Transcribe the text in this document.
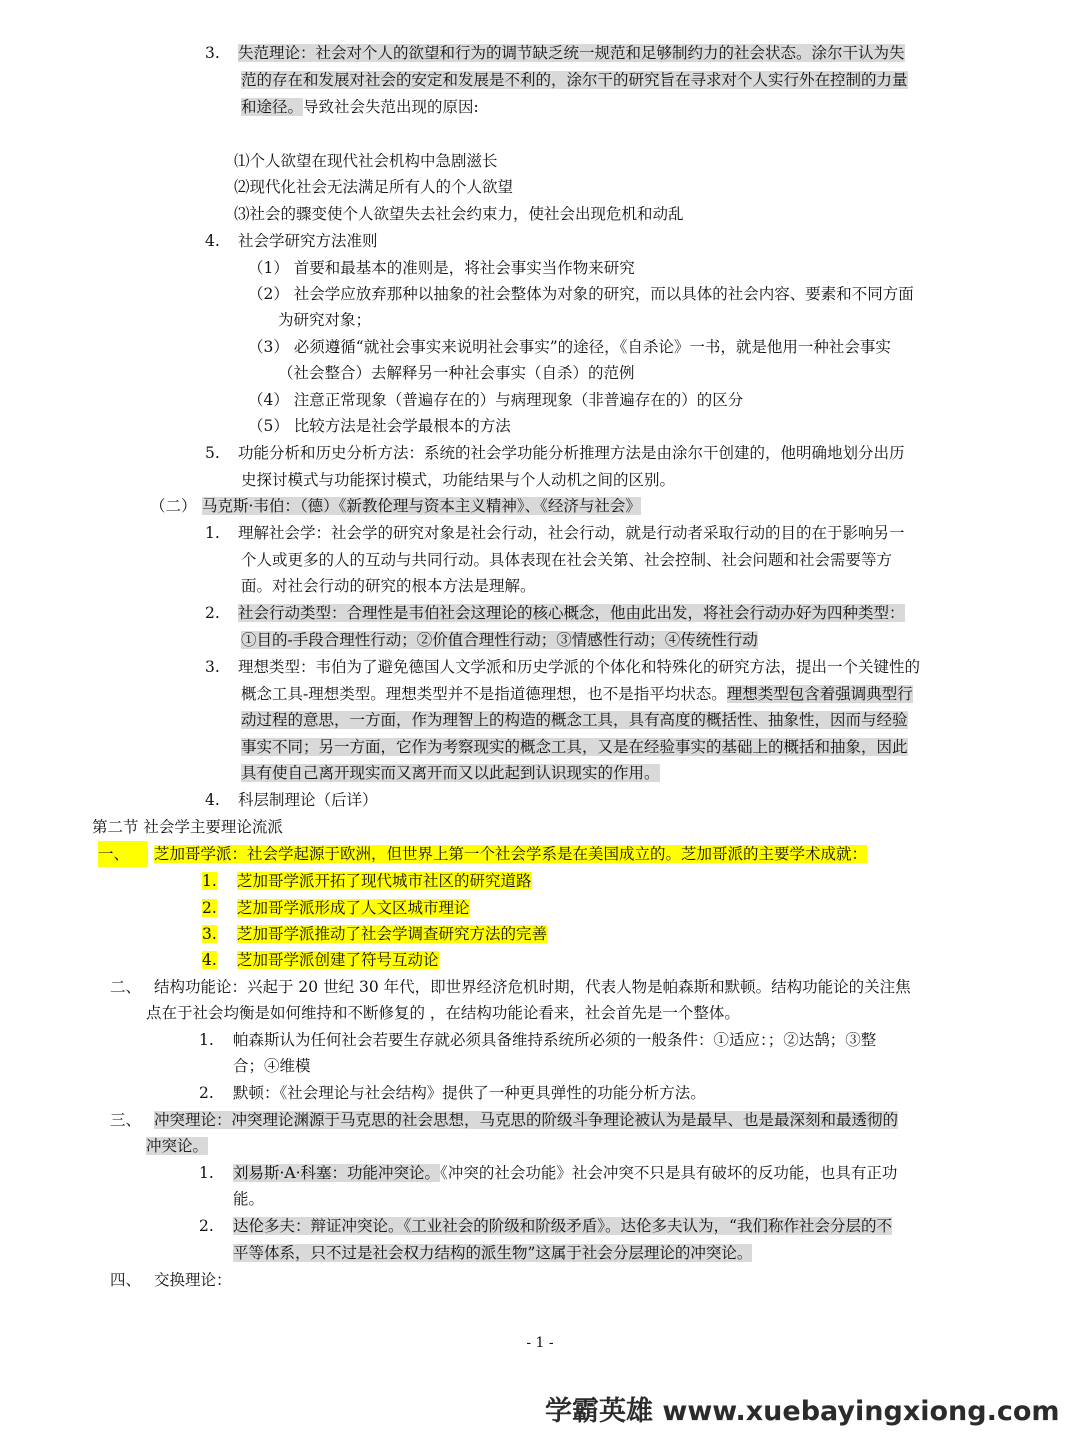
3. 失范理论：社会对个人的欲望和行为的调节缺乏统一规范和足够制约力的社会状态。涂尔干认为失
范的存在和发展对社会的安定和发展是不利的，涂尔干的研究旨在寻求对个人实行外在控制的力量
和途径。导致社会失范出现的原因:
⑴个人欲望在现代社会机构中急剧滋长
⑵现代化社会无法满足所有人的个人欲望
⑶社会的骤变使个人欲望失去社会约束力，使社会出现危机和动乱
4. 社会学研究方法准则
（1） 首要和最基本的准则是，将社会事实当作物来研究
（2） 社会学应放弃那种以抽象的社会整体为对象的研究，而以具体的社会内容、要素和不同方面
为研究对象；
（3） 必须遵循“就社会事实来说明社会事实”的途径，《自杀论》一书，就是他用一种社会事实
（社会整合）去解释另一种社会事实（自杀）的范例
（4） 注意正常现象（普遍存在的）与病理现象（非普遍存在的）的区分
（5） 比较方法是社会学最根本的方法
5. 功能分析和历史分析方法：系统的社会学功能分析推理方法是由涂尔干创建的，他明确地划分出历
史探讨模式与功能探讨模式，功能结果与个人动机之间的区别。
（二） 马克斯·韦伯：（德）《新教伦理与资本主义精神》、《经济与社会》
1. 理解社会学：社会学的研究对象是社会行动，社会行动，就是行动者采取行动的目的在于影响另一
个人或更多的人的互动与共同行动。具体表现在社会关第、社会控制、社会问题和社会需要等方
面。对社会行动的研究的根本方法是理解。
2. 社会行动类型：合理性是韦伯社会这理论的核心概念，他由此出发，将社会行动办好为四种类型：
①目的-手段合理性行动；②价值合理性行动；③情感性行动；④传统性行动
3. 理想类型：韦伯为了避免德国人文学派和历史学派的个体化和特殊化的研究方法，提出一个关键性的
概念工具-理想类型。理想类型并不是指道德理想，也不是指平均状态。理想类型包含着强调典型行
动过程的意思，一方面，作为理智上的构造的概念工具，具有高度的概括性、抽象性，因而与经验
事实不同；另一方面，它作为考察现实的概念工具，又是在经验事实的基础上的概括和抽象，因此
具有使自己离开现实而又离开而又以此起到认识现实的作用。
4. 科层制理论（后详）
第二节 社会学主要理论流派
一、	芝加哥学派：社会学起源于欧洲，但世界上第一个社会学系是在美国成立的。芝加哥派的主要学术成就：
1. 芝加哥学派开拓了现代城市社区的研究道路
2. 芝加哥学派形成了人文区城市理论
3. 芝加哥学派推动了社会学调查研究方法的完善
4. 芝加哥学派创建了符号互动论
二、 结构功能论：兴起于 20 世纪 30 年代，即世界经济危机时期，代表人物是帕森斯和默顿。结构功能论的关注焦
点在于社会均衡是如何维持和不断修复的 ，在结构功能论看来，社会首先是一个整体。
1. 帕森斯认为任何社会若要生存就必须具备维持系统所必须的一般条件：①适应：；②达鹄；③整
合；④维模
2. 默顿：《社会理论与社会结构》提供了一种更具弹性的功能分析方法。
三、 冲突理论：冲突理论渊源于马克思的社会思想，马克思的阶级斗争理论被认为是最早、也是最深刻和最透彻的
冲突论。
1. 刘易斯·A·科塞：功能冲突论。《冲突的社会功能》社会冲突不只是具有破坏的反功能，也具有正功
能。
2. 达伦多夫：辩证冲突论。《工业社会的阶级和阶级矛盾》。达伦多夫认为，“我们称作社会分层的不
平等体系，只不过是社会权力结构的派生物”这属于社会分层理论的冲突论。
四、 交换理论：
- 1 -
学霸英雄 www.xuebayingxiong.com
